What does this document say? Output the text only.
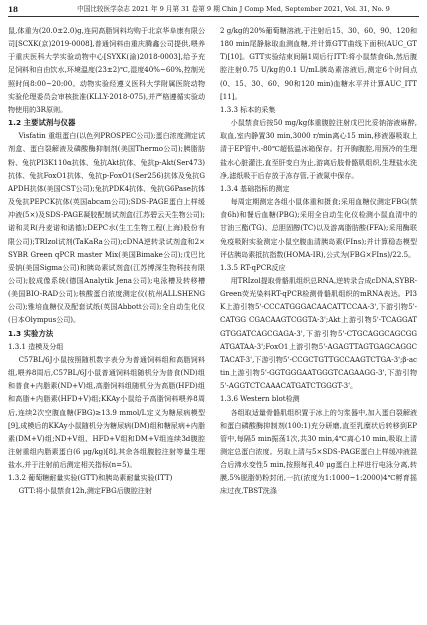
18	中国比较医学杂志 2021 年 9 月第 31 卷第 9 期 Chin J Comp Med, September 2021, Vol. 31, No. 9

鼠,体重为(20.0±2.0)g,连同高脂饲料均购于北京华阜康有限公司[SCXK(京)2019-0008],普通饲料由重庆腾鑫公司提供,喂养于重庆医科大学实验动物中心[SYXK(渝)2018-0003],给予充足饲料和自由饮水,环境温度(23±2)℃,湿度40%~60%,控制光照时间8:00~20:00。动物实验经遵义医科大学附属医院动物实验伦理委员会审核批准(KLLY-2018-075),并严格遵循实验动物使用的3R原则。

1.2 主要试剂与仪器

Visfatin 重组蛋白(以色列PROSPEC公司);蛋白浓度测定试剂盒、蛋白裂解液及磷酸酶抑制剂(美国Thermo公司);胰脂肪粉、兔抗PI3K110α抗体、兔抗Akt抗体、兔抗p-Akt(Ser473)抗体、兔抗FoxO1抗体、兔抗p-FoxO1(Ser256)抗体及兔抗GAPDH抗体(美国CST公司);兔抗PDK4抗体、兔抗G6Pase抗体及兔抗PEPCK抗体(英国abcam公司);SDS-PAGE蛋白上样缓冲液(5×)及SDS-PAGE凝胶配制试剂盒(江苏碧云天生物公司);诺和灵R(丹麦诺和诺德);DEPC水(生工生物工程(上海)股份有限公司);TRIzol试剂(TaKaRa公司);cDNA逆转录试剂盒和2×SYBR Green qPCR master Mix(美国Bimake公司);戊巴比妥钠(美国Sigma公司)和胰岛素试剂盒(江苏博深生物科技有限公司);胶成像系统(德国Analytik Jena公司);电泳槽及转移槽(美国BIO-RAD公司);核酸蛋白浓度测定仪(杭州ALLSHENG公司);雅培血糖仪及配套试纸(英国Abbott公司);全自动生化仪(日本Olympus公司)。

1.3 实验方法
1.3.1 造模及分组

C57BL/6J小鼠按照随机数字表分为普通饲料组和高脂饲料组,喂养8周后,C57BL/6J小鼠普通饲料组随机分为普食(ND)组和普食+内脂素(ND+V)组,高脂饲料组随机分为高脂(HFD)组和高脂+内脂素(HFD+V)组;KKAy小鼠给予高脂饲料喂养8周后,连续2次空腹血糖(FBG)≥13.9 mmol/L定义为糖尿病模型[9],成模后的KKAy小鼠随机分为糖尿病(DM)组和糖尿病+内脂素(DM+V)组;ND+V组、HFD+V组和DM+V组连续3d腹腔注射重组内脂素蛋白(6 μg/kg)[8],其余各组腹腔注射等量生理盐水,并于注射前后测定相关指标(n=5)。

1.3.2 葡萄糖耐量实验(GTT)和胰岛素耐量实验(ITT)

GTT:将小鼠禁食12h,测定FBG后腹腔注射

2 g/kg的20%葡萄糖溶液,于注射后15、30、60、90、120和180 min尾静脉取血测血糖,并计算GTT曲线下面积(AUC_GTT)[10]。GTT实验结束间隔1周后行ITT:将小鼠禁食6h,然后腹腔注射0.75 U/kg的0.1 U/mL胰岛素溶液后,测定6个时间点(0、15、30、60、90和120 min)血糖水平并计算AUC_ITT[11]。

1.3.3 标本的采集

小鼠禁食后按50 mg/kg体重腹腔注射戊巴比妥钠溶液麻醉,取血,室内静置30 min,3000 r/min离心15 min,移液器吸取上清于EP管中,-80℃超低温冰箱保存。打开胸腹腔,用预冷的生理盐水心脏灌注,直至肝变白为止,游离后肢骨骼肌组织,生理盐水洗净,滤纸吸干后存放于冻存管,于液氮中保存。

1.3.4 基础指标的测定

每周定期测定各组小鼠体重和摄食;采用血糖仪测定FBG(禁食6h)和餐后血糖(PBG);采用全自动生化仪检测小鼠血清中的甘油三酯(TG)、总胆固醇(TC)以及游离脂肪酸(FFA);采用酶联免疫吸附实验测定小鼠空腹血清胰岛素(FIns);并计算稳态模型评估胰岛素抵抗指数(HOMA-IR),公式为(FBG×FIns)/22.5。

1.3.5 RT-qPCR反应

用TRIzol提取骨骼肌组织总RNA,逆转录合成cDNA,SYBR-Green荧光染料RT-qPCR检测骨骼肌组织的mRNA表达。PI3K上游引物5'-CCCATGGGACAACATTCCAA-3',下游引物5'-CATGG CGACAAGTCGGTA-3';Akt上游引物5'-TCAGGATGTGGATCAGCGAGA-3',下游引物5'-CTGCAGGCAGCGGATGATAA-3';FoxO1上游引物5'-AGAGTTAGTGAGCAGGCTACAT-3',下游引物5'-CCGCTGTTGCCAAGTCTGA-3';β-actin上游引物5'-GGTGGGAATGGGTCAGAAGG-3',下游引物5'-AGGTCTCAAACATGATCTGGGT-3'。

1.3.6 Western blot检测

各组取适量骨骼肌组织置于冰上的匀浆器中,加入蛋白裂解液和蛋白磷酸酶抑制剂(100:1)充分研磨,直至乳糜状后转移到EP管中,每隔5 min振荡1次,共30 min,4℃离心10 min,吸取上清测定总蛋白浓度。另取上清与5×SDS-PAGE蛋白上样缓冲液混合后沸水变性5 min,按照每孔40 μg蛋白上样进行电泳分离,转膜,5%脱脂奶粉封闭,一抗(浓度为1:1000~1:2000)4℃孵育摇床过夜,TBST洗涤
